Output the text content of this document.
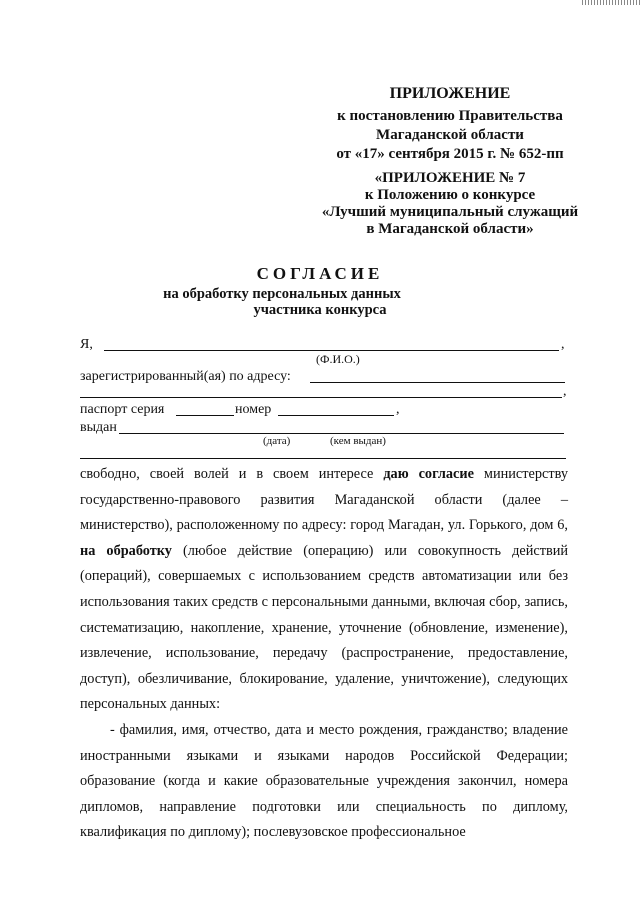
ПРИЛОЖЕНИЕ
к постановлению Правительства
Магаданской области
от «17» сентября 2015 г. № 652-пп
«ПРИЛОЖЕНИЕ № 7
к Положению о конкурсе
«Лучший муниципальный служащий
в Магаданской области»
СОГЛАСИЕ
на обработку персональных данных
участника конкурса
Я,	,
(Ф.И.О.)
зарегистрированный(ая) по адресу:
,
паспорт серия	номер	,
выдан
(дата)	(кем выдан)

свободно, своей волей и в своем интересе даю согласие министерству государственно-правового развития Магаданской области (далее – министерство), расположенному по адресу: город Магадан, ул. Горького, дом 6, на обработку (любое действие (операцию) или совокупность действий (операций), совершаемых с использованием средств автоматизации или без использования таких средств с персональными данными, включая сбор, запись, систематизацию, накопление, хранение, уточнение (обновление, изменение), извлечение, использование, передачу (распространение, предоставление, доступ), обезличивание, блокирование, удаление, уничтожение), следующих персональных данных:

- фамилия, имя, отчество, дата и место рождения, гражданство; владение иностранными языками и языками народов Российской Федерации; образование (когда и какие образовательные учреждения закончил, номера дипломов, направление подготовки или специальность по диплому, квалификация по диплому); послевузовское профессиональное
